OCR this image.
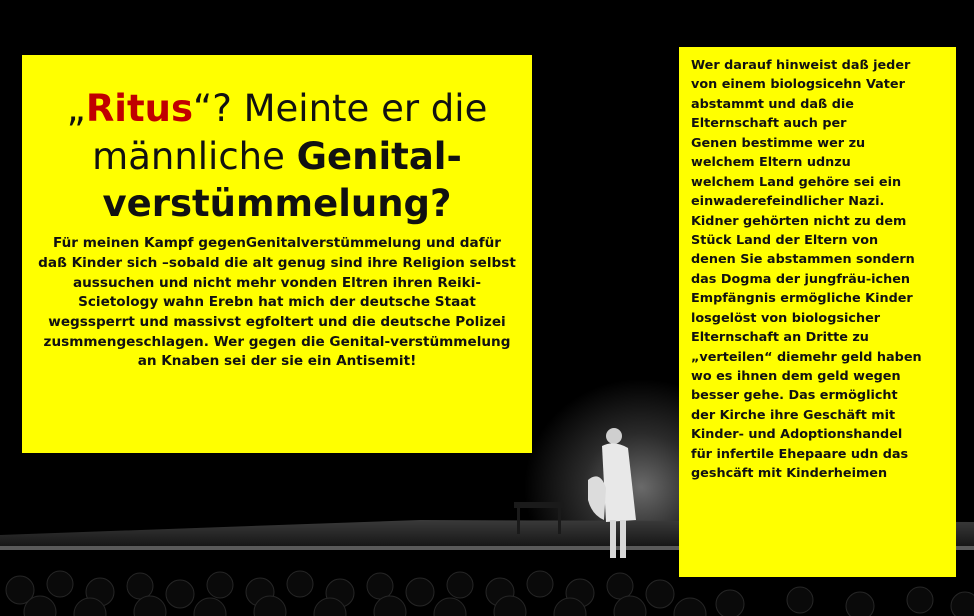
„Ritus“? Meinte er die männliche Genital-verstümmelung?

Für meinen Kampf gegenGenitalverstümmelung und dafür daß Kinder sich –sobald die alt genug sind ihre Religion selbst aussuchen und nicht mehr vonden Eltren ihren Reiki-Scietology wahn Erebn hat mich der deutsche Staat wegssperrt und massivst egfoltert und die deutsche Polizei zusmmengeschlagen. Wer gegen die Genital-verstümmelung an Knaben sei der sie ein Antisemit!

Wer darauf hinweist daß jeder
von einem biologsicehn Vater
abstammt und daß die
Elternschaft auch per
Genen bestimme wer zu
welchem Eltern udnzu
welchem Land gehöre sei ein
einwaderefeindlicher Nazi.
Kidner gehörten nicht zu dem
Stück Land der Eltern von
denen Sie abstammen sondern
das Dogma der jungfräu-ichen
Empfängnis ermögliche Kinder
losgelöst von biologsicher
Elternschaft an Dritte zu
„verteilen“ diemehr geld haben
wo es ihnen dem geld wegen
besser gehe. Das ermöglicht
der Kirche ihre Geschäft mit
Kinder- und Adoptionshandel
für infertile Ehepaare udn das
geshcäft mit Kinderheimen
